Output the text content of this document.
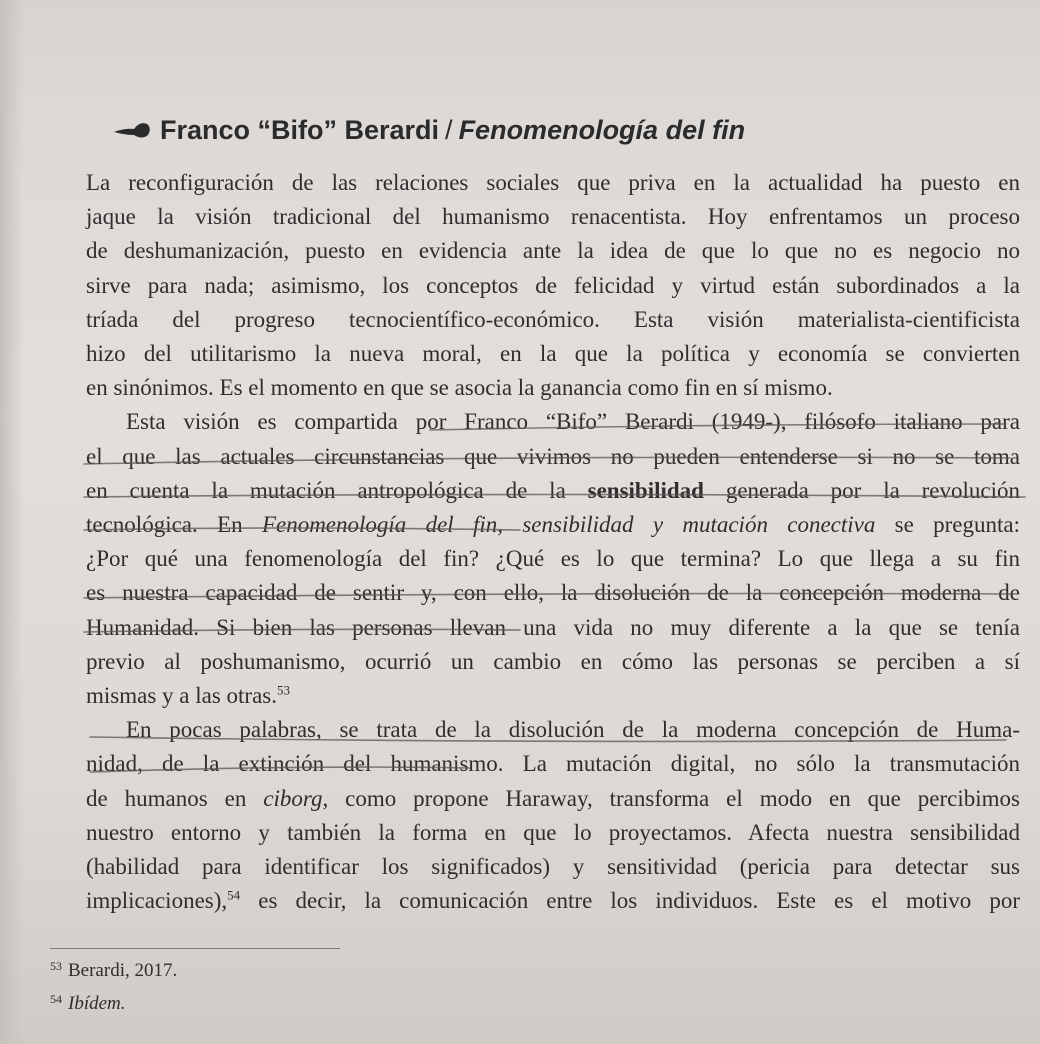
Franco “Bifo” Berardi / Fenomenología del fin

La reconfiguración de las relaciones sociales que priva en la actualidad ha puesto en
jaque la visión tradicional del humanismo renacentista. Hoy enfrentamos un proceso
de deshumanización, puesto en evidencia ante la idea de que lo que no es negocio no
sirve para nada; asimismo, los conceptos de felicidad y virtud están subordinados a la
tríada del progreso tecnocientífico-económico. Esta visión materialista-cientificista
hizo del utilitarismo la nueva moral, en la que la política y economía se convierten
en sinónimos. Es el momento en que se asocia la ganancia como fin en sí mismo.

Esta visión es compartida por Franco “Bifo” Berardi (1949-), filósofo italiano para
el que las actuales circunstancias que vivimos no pueden entenderse si no se toma
en cuenta la mutación antropológica de la sensibilidad generada por la revolución
tecnológica. En Fenomenología del fin, sensibilidad y mutación conectiva se pregunta:
¿Por qué una fenomenología del fin? ¿Qué es lo que termina? Lo que llega a su fin
es nuestra capacidad de sentir y, con ello, la disolución de la concepción moderna de
Humanidad. Si bien las personas llevan una vida no muy diferente a la que se tenía
previo al poshumanismo, ocurrió un cambio en cómo las personas se perciben a sí
mismas y a las otras.$^{53}$

En pocas palabras, se trata de la disolución de la moderna concepción de Huma-
nidad, de la extinción del humanismo. La mutación digital, no sólo la transmutación
de humanos en ciborg, como propone Haraway, transforma el modo en que percibimos
nuestro entorno y también la forma en que lo proyectamos. Afecta nuestra sensibilidad
(habilidad para identificar los significados) y sensitividad (pericia para detectar sus
implicaciones),$^{54}$ es decir, la comunicación entre los individuos. Este es el motivo por

53 Berardi, 2017.
54 Ibídem.
